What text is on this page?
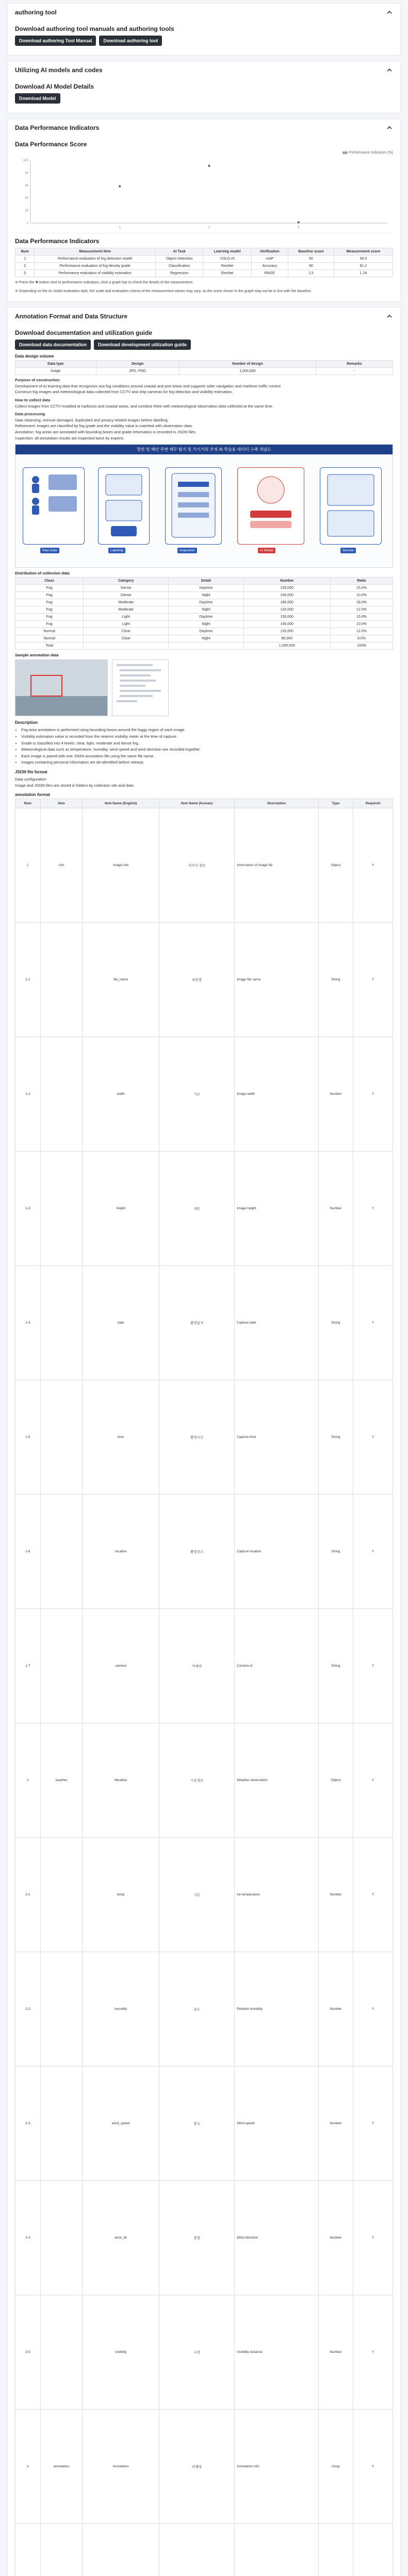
authoring tool
Download authoring tool manuals and authoring tools
Download authoring Tool Manual	Download authoring tool
Utilizing AI models and codes
Download AI Model Details
Download Model
Data Performance Indicators
Data Performance Score
Performance Indicators (%)
0
20
40
60
80
100
1	2	3
Data Performance Indicators
Num	Measurement item	AI Task	Learning model	Verification	Baseline score	Measurement score
1	Performance evaluation of fog detection model	Object Detection	YOLO v5	mAP	50	58.6
2	Performance evaluation of fog density grade	Classification	ResNet	Accuracy	90	91.2
3	Performance evaluation of visibility estimation	Regression	ResNet	RMSE	1.5	1.18
※ Press the ✚ button next to performance indicators, click a graph bar to check the details of the measurement.
※ Depending on the AI model evaluation task, the scale and evaluation criteria of the measurement values may vary, so the score shown in the graph may not be in line with the baseline.
Annotation Format and Data Structure
Download documentation and utilization guide
Download data documentation	Download development utilization guide
Data design volume
Data type	Design	Number of design	Remarks
Image	JPG, PNG	1,000,000	-
Purpose of construction
Development of AI learning data that recognizes sea fog conditions around coastal and port areas and supports safer navigation and maritime traffic control.
Construct fog images and meteorological data collected from CCTV and ship cameras for fog detection and visibility estimation.
How to collect data
Collect images from CCTV installed at harbours and coastal areas, and combine them with meteorological observation data collected at the same time.
Data processing
Data cleansing: remove damaged, duplicated and privacy-related images before labelling.
Refinement: images are classified by fog grade and the visibility value is matched with observation data.
Annotation: fog areas are annotated with bounding boxes and grade information is recorded in JSON files.
Inspection: all annotation results are inspected twice by experts.
항만 및 해안 주변 해무 탐지 및 가시거리 추정 AI 학습용 데이터 구축 개념도
Raw Data	Labeling	Inspection	AI Model	Service
Distribution of collection data
Class	Category	Detail	Number	Ratio
Fog	Dense	Daytime	150,000	15.0%
Fog	Dense	Night	100,000	10.0%
Fog	Moderate	Daytime	180,000	18.0%
Fog	Moderate	Night	120,000	12.0%
Fog	Light	Daytime	150,000	15.0%
Fog	Light	Night	100,000	10.0%
Normal	Clear	Daytime	120,000	12.0%
Normal	Clear	Night	80,000	8.0%
Total			1,000,000	100%
Sample annotation data
Description
• Fog area annotation is performed using bounding boxes around the foggy region of each image.
• Visibility estimation value is recorded from the nearest visibility meter at the time of capture.
• Grade is classified into 4 levels: clear, light, moderate and dense fog.
• Meteorological data such as temperature, humidity, wind speed and wind direction are recorded together.
• Each image is paired with one JSON annotation file using the same file name.
• Images containing personal information are de-identified before release.
JSON file format
Data configuration
Image and JSON files are stored in folders by collection site and date.
annotation format
Num	Item	Item Name (English)	Item Name (Korean)	Description	Type	Required
1	info	Image info	이미지 정보	Information of image file	Object	Y
1-1		file_name	파일명	Image file name	String	Y
1-2		width	가로	Image width	Number	Y
1-3		height	세로	Image height	Number	Y
1-4		date	촬영일자	Capture date	String	Y
1-5		time	촬영시간	Capture time	String	Y
1-6		location	촬영장소	Capture location	String	Y
1-7		camera	카메라	Camera id	String	Y
2	weather	Weather	기상정보	Weather observation	Object	Y
2-1		temp	기온	Air temperature	Number	Y
2-2		humidity	습도	Relative humidity	Number	Y
2-3		wind_speed	풍속	Wind speed	Number	Y
2-4		wind_dir	풍향	Wind direction	Number	Y
2-5		visibility	시정	Visibility distance	Number	Y
3	annotation	Annotation	라벨링	Annotation info	Array	Y
